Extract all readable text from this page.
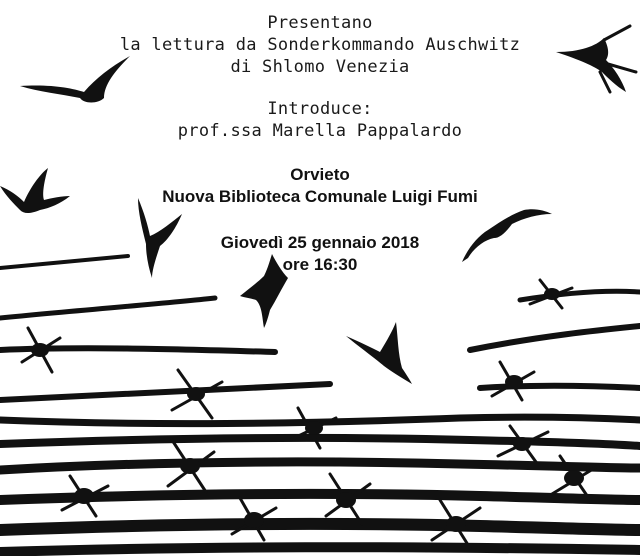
Presentano
la lettura da Sonderkommando Auschwitz
di Shlomo Venezia
Introduce:
prof.ssa Marella Pappalardo
Orvieto
Nuova Biblioteca Comunale Luigi Fumi
Giovedì 25 gennaio 2018
ore 16:30
